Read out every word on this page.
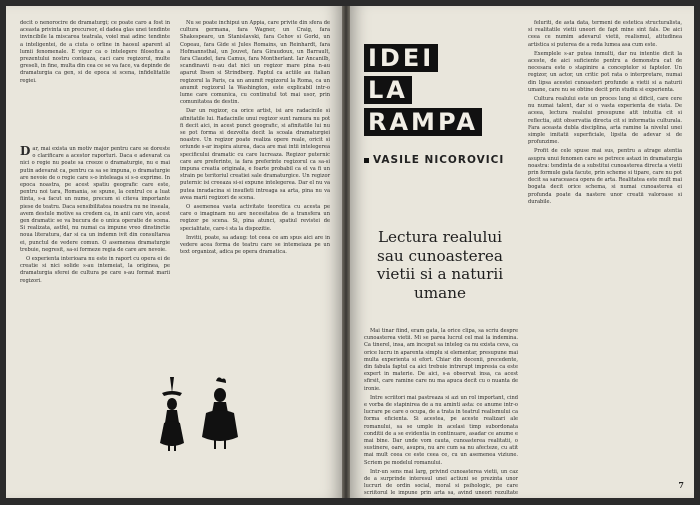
decit o nenorocire de dramaturgi; ce poate caro a fost in aceasta privinta un precursor, el dadea glas unei tendinte invincibile la miscarea teatrala, voiel mai adinc tendinte a inteligentei, de a ciuta o orline in haosul aparent al lumii fenomenale. E vigur ca o intelegere filosofica a prezentului nostru conteaza, caci care regizorul, multe greseli, in fine, multa din cea ce se va face, va depinde de dramaturgia ca gen, si de epoca si scena, infidelitatile regiei.

Dar, mai exista un motiv major pentru care se doreste o clarificare a acestor raporturi. Daca e adevarat ca nici o regie nu poate sa creeze o dramaturgie, nu e mai putin adevarat ca, pentru ca sa se impuna, o dramaturgie are nevoie de o regie care s-o inteleaga si s-o exprime. In epoca noastra, pe acest spatiu geografic care este, pentru noi tara, Romania, se spune, la centrul ce a luat fiinta, s-a facut un nume, precum si citeva importante piese de teatru. Daca sensibilitatea noastra nu ne inseala, avem destule motive sa credem ca, in anii care vin, acest gen dramatic se va bucura de o unica operatie de scena. Si realizata, astfel, nu numai ca impune vreo dinstinctie noua literatura, dar si ca un indemn ivit din consultarea ei, punctul de vedere comun. O asemenea dramaturgie trebuie, negresit, sa-si formeze regia de care are nevoie.

O experienta interioara nu este in raport cu opera ei de creatie si nici solide s-au intemeiat, la originea, pe dramaturgia sferei de cultura pe care s-au format marii regizori.

Nu se poate inchipui un Appia, care privite din sfera de cultura germana, fara Wagner, un Craig, fara Shakespeare, un Stanislavski, fara Cehov si Gorki, un Copeau, fara Gide si Jules Romains, un Reinhardt, fara Hofmannsthal, un Jouvet, fara Giraudoux, un Barrault, fara Claudel, fara Camus, fara Montherlant. Iar Ancanilb, scandinavii n-au dat nici un regizor mare pina n-au aparut Ibsen si Strindberg. Faptul ca actiile au italian regizorul la Paris, ca un anumit regizorul la Roma, ca un anumit regizorul la Washington, este explicabil intr-o lume care comunica, cu continutul tot mai usor, prin comunitatea de destin.

Dar un regizor, ca orice artist, isi are radacinile si afinitatile lui. Radacinile unui regizor sunt ramura nu pot fi decit aici, in acest punct geografic, si afinitatile lui nu se pot forma si dezvolta decit la scoala dramaturgiei noastre. Un regizor poate realiza opere reale, oricit si oriunde s-ar inspira aiurea, daca are mai intii intelegerea specificului dramatic cu care lucreaza. Regizor puternic care are preferinte, ia fara preferinte regizorul ca sa-si impuna creatia originala, e foarte probabil ca el va fi un strain pe teritoriul creatiei sale dramaturgice. Un regizor puternic isi creeaza si-si expune intelegerea. Dar el nu va putea inradacina si insufleti intreaga sa arta, pina nu va avea marii regizori de scena.

O asemenea vasta activitate teoretica cu acesta pe care o imaginam nu are necesitatea de a transfera un regizor pe scena. Si, pina atunci, spatiul revistei de specialitate, care-i sta la dispozitie.

Invitii, poate, sa adaug: tot ceea ce am spus aici are in vedere acea forma de teatru care se intemeiaza pe un text organizat, adica pe opera dramatica.

IDEI
LA
RAMPA
VASILE NICOROVICI
Lectura realului sau cunoasterea vietii si a naturii umane

Mai tinar fiind, eram gata, la orice clipa, sa scriu despre cunoasterea vietii. Mi se parea lucrul cel mai la indemina. Ca tinerel, insa, am inceput sa inteleg ca nu exista ceva, ca orice lucru in aparenta simplu si elementar, presupune mai multa experienta si efort. Chiar din decenii, precedente, din fabula faptul ca aici trebuie intrerupt impresia ca este expert in materie. De aici, s-a observat insa, ca acest sfirsit, care ramine care nu ma apuca decit cu o nuanta de ironie.

Intre scriitori mai pastreaza si azi un rol important, cind e vorba de stapinirea de a nu aminti asta: ce anume intr-o lucrare pe care o ocupa, de a trata in teatrul realismului ca forma eficienta. Si acestea, pe aceste realizari ale romanului, sa se umple in acelasi timp subordonata conditii de a se evidentia in continuare, asadar ce anume e mai bine. Dar unde vom cauta, cunoasterea realitatii, o sustinere, oare, asupra, nu are cum sa nu afecteze, cu atit mai mult ceea ce este ceea ce, cu un asemenea viziune. Scriem pe modelul romanului.

Intr-un sens mai larg, privind cunoasterea vietii, un caz de a surprinde interesul unei actiuni se prezinta unor lucruri de ordin social, moral si psihologic, pe care scriitorul le impune prin arta sa, avind uneori rezultate care nu sint intotdeauna satisfacatoare.

feluriti, de asta data, termeni de estetica structuralista, si realitatile vietii uneori de fapt mine sint fals. De aici ceea ce numim adevarul vietii, realismul, atitudinea artistica si puterea de a reda lumea asa cum este.

Exemplele s-ar putea inmulti, dar nu intentie dicit la aceste, de aici suficiente pentru a demonstra cat de necesara este o stapinire a conceptelor si faptelor. Un regizor, un actor, un critic pot rata o interpretare, numai din lipsa acestei cunoasteri profunde a vietii si a naturii umane, care nu se obtine decit prin studiu si experienta.

Cultura realului este un proces lung si dificil, care cere nu numai talent, dar si o vasta experienta de viata. De aceea, lectura realului presupune atit intuitia cit si reflectia, atit observatia directa cit si informatia culturala. Fara aceasta dubla disciplina, arta ramine la nivelul unei simple imitatii superficiale, lipsita de adevar si de profunzime.

Profit de cele spuse mai sus, pentru a atrage atentia asupra unui fenomen care se petrece astazi in dramaturgia noastra: tendinta de a substitui cunoasterea directa a vietii prin formule gata facute, prin scheme si tipare, care nu pot decit sa saraceasca opera de arta. Realitatea este mult mai bogata decit orice schema, si numai cunoasterea ei profunda poate da nastere unor creatii valoroase si durabile.

7
